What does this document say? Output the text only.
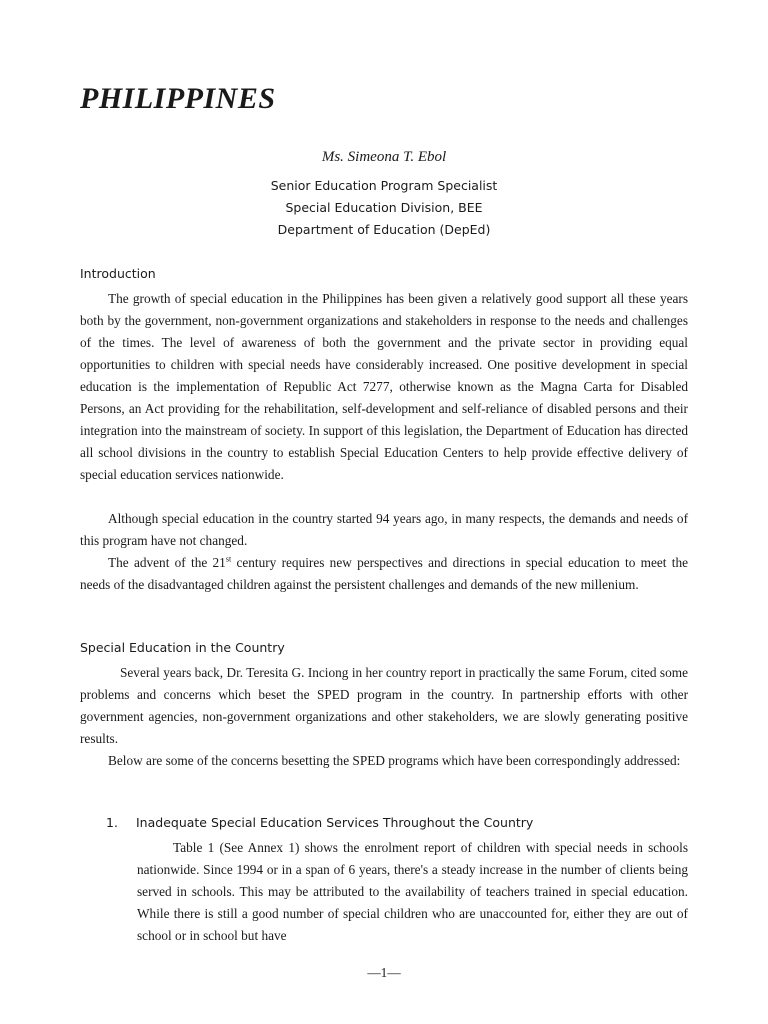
PHILIPPINES
Ms. Simeona T. Ebol
Senior Education Program Specialist
Special Education Division, BEE
Department of Education (DepEd)
Introduction

The growth of special education in the Philippines has been given a relatively good support all these years both by the government, non-government organizations and stakeholders in response to the needs and challenges of the times. The level of awareness of both the government and the private sector in providing equal opportunities to children with special needs have considerably increased. One positive development in special education is the implementation of Republic Act 7277, otherwise known as the Magna Carta for Disabled Persons, an Act providing for the rehabilitation, self-development and self-reliance of disabled persons and their integration into the mainstream of society. In support of this legislation, the Department of Education has directed all school divisions in the country to establish Special Education Centers to help provide effective delivery of special education services nationwide.

Although special education in the country started 94 years ago, in many respects, the demands and needs of this program have not changed.

The advent of the 21st century requires new perspectives and directions in special education to meet the needs of the disadvantaged children against the persistent challenges and demands of the new millenium.

Special Education in the Country

Several years back, Dr. Teresita G. Inciong in her country report in practically the same Forum, cited some problems and concerns which beset the SPED program in the country. In partnership efforts with other government agencies, non-government organizations and other stakeholders, we are slowly generating positive results.

Below are some of the concerns besetting the SPED programs which have been correspondingly addressed:

1. Inadequate Special Education Services Throughout the Country

Table 1 (See Annex 1) shows the enrolment report of children with special needs in schools nationwide. Since 1994 or in a span of 6 years, there's a steady increase in the number of clients being served in schools. This may be attributed to the availability of teachers trained in special education. While there is still a good number of special children who are unaccounted for, either they are out of school or in school but have

—1—
